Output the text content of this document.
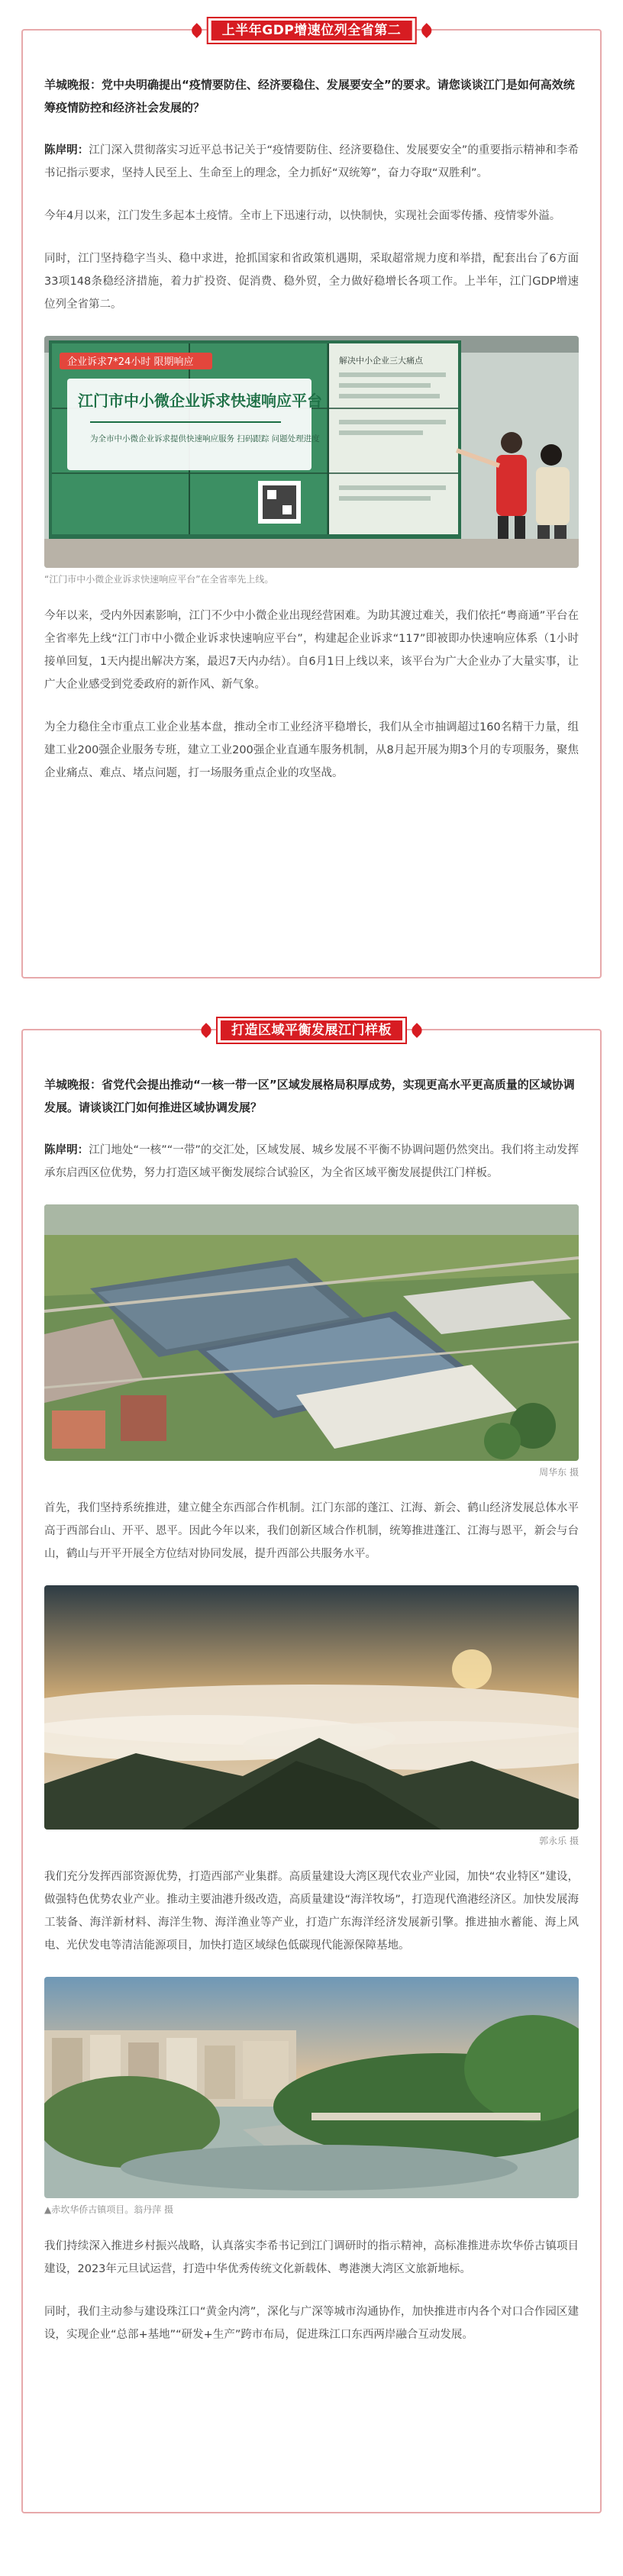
上半年GDP增速位列全省第二
羊城晚报：党中央明确提出“疫情要防住、经济要稳住、发展要安全”的要求。请您谈谈江门是如何高效统筹疫情防控和经济社会发展的？
陈岸明：江门深入贯彻落实习近平总书记关于“疫情要防住、经济要稳住、发展要安全”的重要指示精神和李希书记指示要求，坚持人民至上、生命至上的理念，全力抓好“双统筹”，奋力夺取“双胜利”。
今年4月以来，江门发生多起本土疫情。全市上下迅速行动，以快制快，实现社会面零传播、疫情零外溢。
同时，江门坚持稳字当头、稳中求进，抢抓国家和省政策机遇期，采取超常规力度和举措，配套出台了6方面33项148条稳经济措施，着力扩投资、促消费、稳外贸，全力做好稳增长各项工作。上半年，江门GDP增速位列全省第二。
企业诉求7*24小时 限期响应
江门市中小微企业诉求快速响应平台
为全市中小微企业诉求提供快速响应服务 扫码跟踪 问题处理进度
解决中小企业三大痛点
“江门市中小微企业诉求快速响应平台”在全省率先上线。
今年以来，受内外因素影响，江门不少中小微企业出现经营困难。为助其渡过难关，我们依托“粤商通”平台在全省率先上线“江门市中小微企业诉求快速响应平台”，构建起企业诉求“117”即被即办快速响应体系（1小时接单回复，1天内提出解决方案，最迟7天内办结）。自6月1日上线以来，该平台为广大企业办了大量实事，让广大企业感受到党委政府的新作风、新气象。
为全力稳住全市重点工业企业基本盘，推动全市工业经济平稳增长，我们从全市抽调超过160名精干力量，组建工业200强企业服务专班，建立工业200强企业直通车服务机制，从8月起开展为期3个月的专项服务，聚焦企业痛点、难点、堵点问题，打一场服务重点企业的攻坚战。
打造区域平衡发展江门样板
羊城晚报：省党代会提出推动“一核一带一区”区域发展格局积厚成势，实现更高水平更高质量的区域协调发展。请谈谈江门如何推进区域协调发展？
陈岸明：江门地处“一核”“一带”的交汇处，区域发展、城乡发展不平衡不协调问题仍然突出。我们将主动发挥承东启西区位优势，努力打造区域平衡发展综合试验区，为全省区域平衡发展提供江门样板。
周华东 摄
首先，我们坚持系统推进，建立健全东西部合作机制。江门东部的蓬江、江海、新会、鹤山经济发展总体水平高于西部台山、开平、恩平。因此今年以来，我们创新区域合作机制，统筹推进蓬江、江海与恩平，新会与台山，鹤山与开平开展全方位结对协同发展，提升西部公共服务水平。
郭永乐 摄
我们充分发挥西部资源优势，打造西部产业集群。高质量建设大湾区现代农业产业园，加快“农业特区”建设，做强特色优势农业产业。推动主要油港升级改造，高质量建设“海洋牧场”，打造现代渔港经济区。加快发展海工装备、海洋新材料、海洋生物、海洋渔业等产业，打造广东海洋经济发展新引擎。推进抽水蓄能、海上风电、光伏发电等清洁能源项目，加快打造区域绿色低碳现代能源保障基地。
▲赤坎华侨古镇项目。翁丹萍 摄
我们持续深入推进乡村振兴战略，认真落实李希书记到江门调研时的指示精神，高标准推进赤坎华侨古镇项目建设，2023年元旦试运营，打造中华优秀传统文化新载体、粤港澳大湾区文旅新地标。
同时，我们主动参与建设珠江口“黄金内湾”，深化与广深等城市沟通协作，加快推进市内各个对口合作园区建设，实现企业“总部+基地”“研发+生产”跨市布局，促进珠江口东西两岸融合互动发展。
